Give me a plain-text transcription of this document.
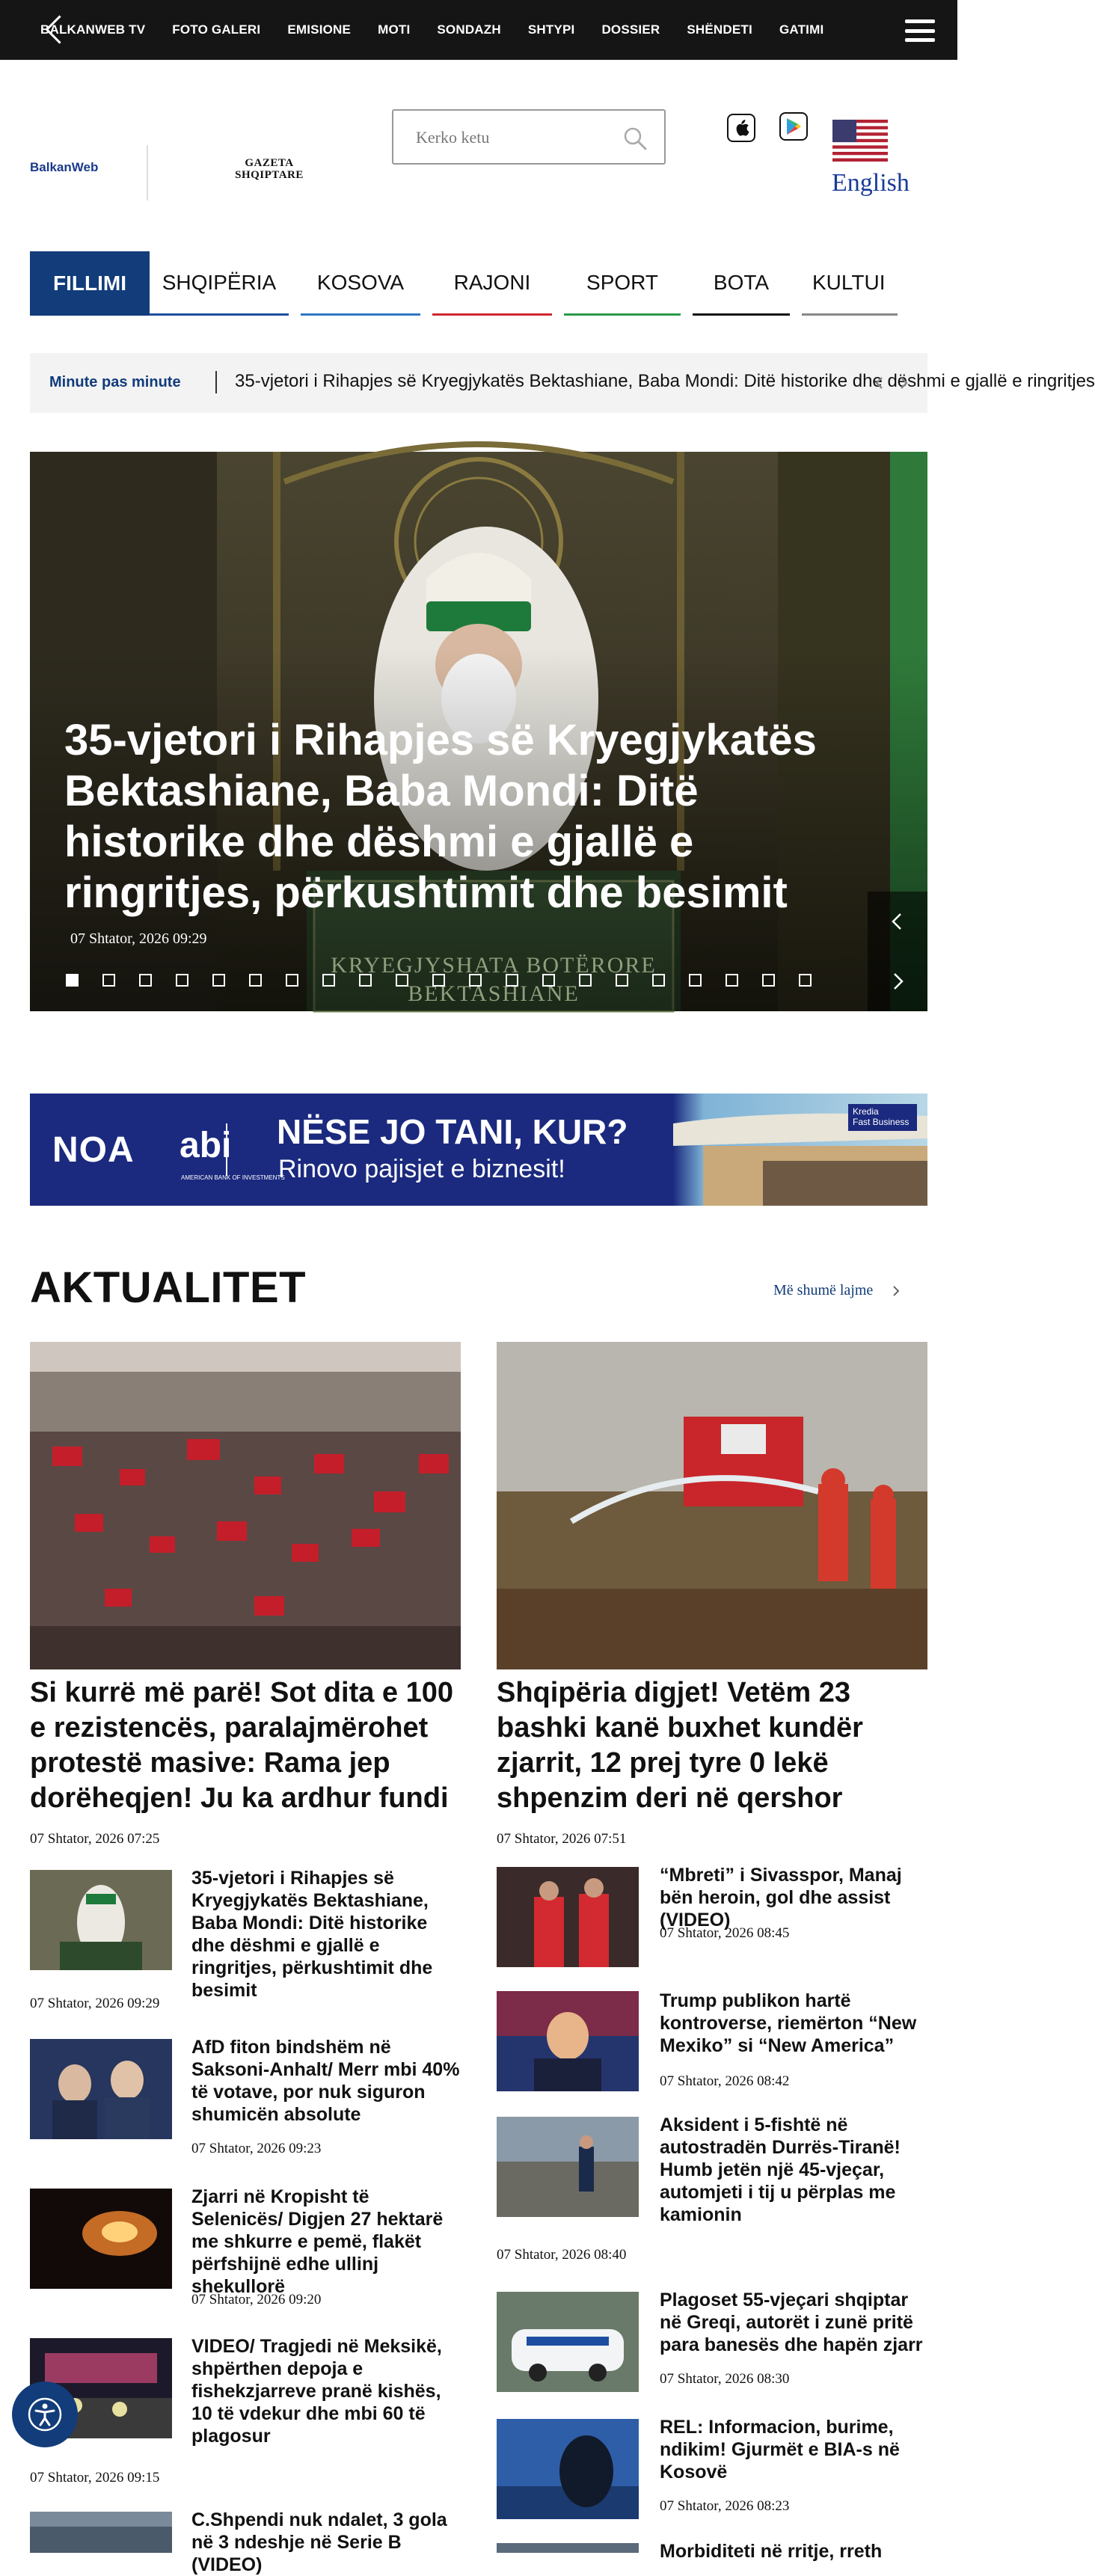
BALKANWEB TV FOTO GALERI EMISIONE MOTI SONDAZH SHTYPI DOSSIER SHËNDETI GATIMI
BalkanWeb	GAZETA
SHQIPTARE
Kerko ketu	English
FILLIMI	SHQIPËRIA	KOSOVA	RAJONI	SPORT	BOTA	KULTUI
Minute pas minute	35-vjetori i Rihapjes së Kryegjykatës Bektashiane, Baba Mondi: Ditë historike dhe dëshmi e gjallë e ringritjes
KRYEGJYSHATA BOTËRORE
BEKTASHIANE
35-vjetori i Rihapjes së Kryegjykatës Bektashiane, Baba Mondi: Ditë historike dhe dëshmi e gjallë e ringritjes, përkushtimit dhe besimit
07 Shtator, 2026 09:29
NOA abi
AMERICAN BANK OF INVESTMENTS
NËSE JO TANI, KUR?
Rinovo pajisjet e biznesit!
Kredia
Fast Business
AKTUALITET	Më shumë lajme
Si kurrë më parë! Sot dita e 100 e rezistencës, paralajmërohet protestë masive: Rama jep dorëheqjen! Ju ka ardhur fundi
07 Shtator, 2026 07:25
Shqipëria digjet! Vetëm 23 bashki kanë buxhet kundër zjarrit, 12 prej tyre 0 lekë shpenzim deri në qershor
07 Shtator, 2026 07:51
35-vjetori i Rihapjes së Kryegjykatës Bektashiane, Baba Mondi: Ditë historike dhe dëshmi e gjallë e ringritjes, përkushtimit dhe besimit
07 Shtator, 2026 09:29
AfD fiton bindshëm në Saksoni-Anhalt/ Merr mbi 40% të votave, por nuk siguron shumicën absolute
07 Shtator, 2026 09:23
Zjarri në Kropisht të Selenicës/ Digjen 27 hektarë me shkurre e pemë, flakët përfshijnë edhe ullinj shekullorë
07 Shtator, 2026 09:20
VIDEO/ Tragjedi në Meksikë, shpërthen depoja e fishekzjarreve pranë kishës, 10 të vdekur dhe mbi 60 të plagosur
07 Shtator, 2026 09:15
C.Shpendi nuk ndalet, 3 gola në 3 ndeshje në Serie B (VIDEO)
“Mbreti” i Sivasspor, Manaj bën heroin, gol dhe assist (VIDEO)
07 Shtator, 2026 08:45
Trump publikon hartë kontroverse, riemërton “New Mexiko” si “New America”
07 Shtator, 2026 08:42
Aksident i 5-fishtë në autostradën Durrës-Tiranë! Humb jetën një 45-vjeçar, automjeti i tij u përplas me kamionin
07 Shtator, 2026 08:40
Plagoset 55-vjeçari shqiptar në Greqi, autorët i zunë pritë para banesës dhe hapën zjarr
07 Shtator, 2026 08:30
REL: Informacion, burime, ndikim! Gjurmët e BIA-s në Kosovë
07 Shtator, 2026 08:23
Morbiditeti në rritje, rreth
